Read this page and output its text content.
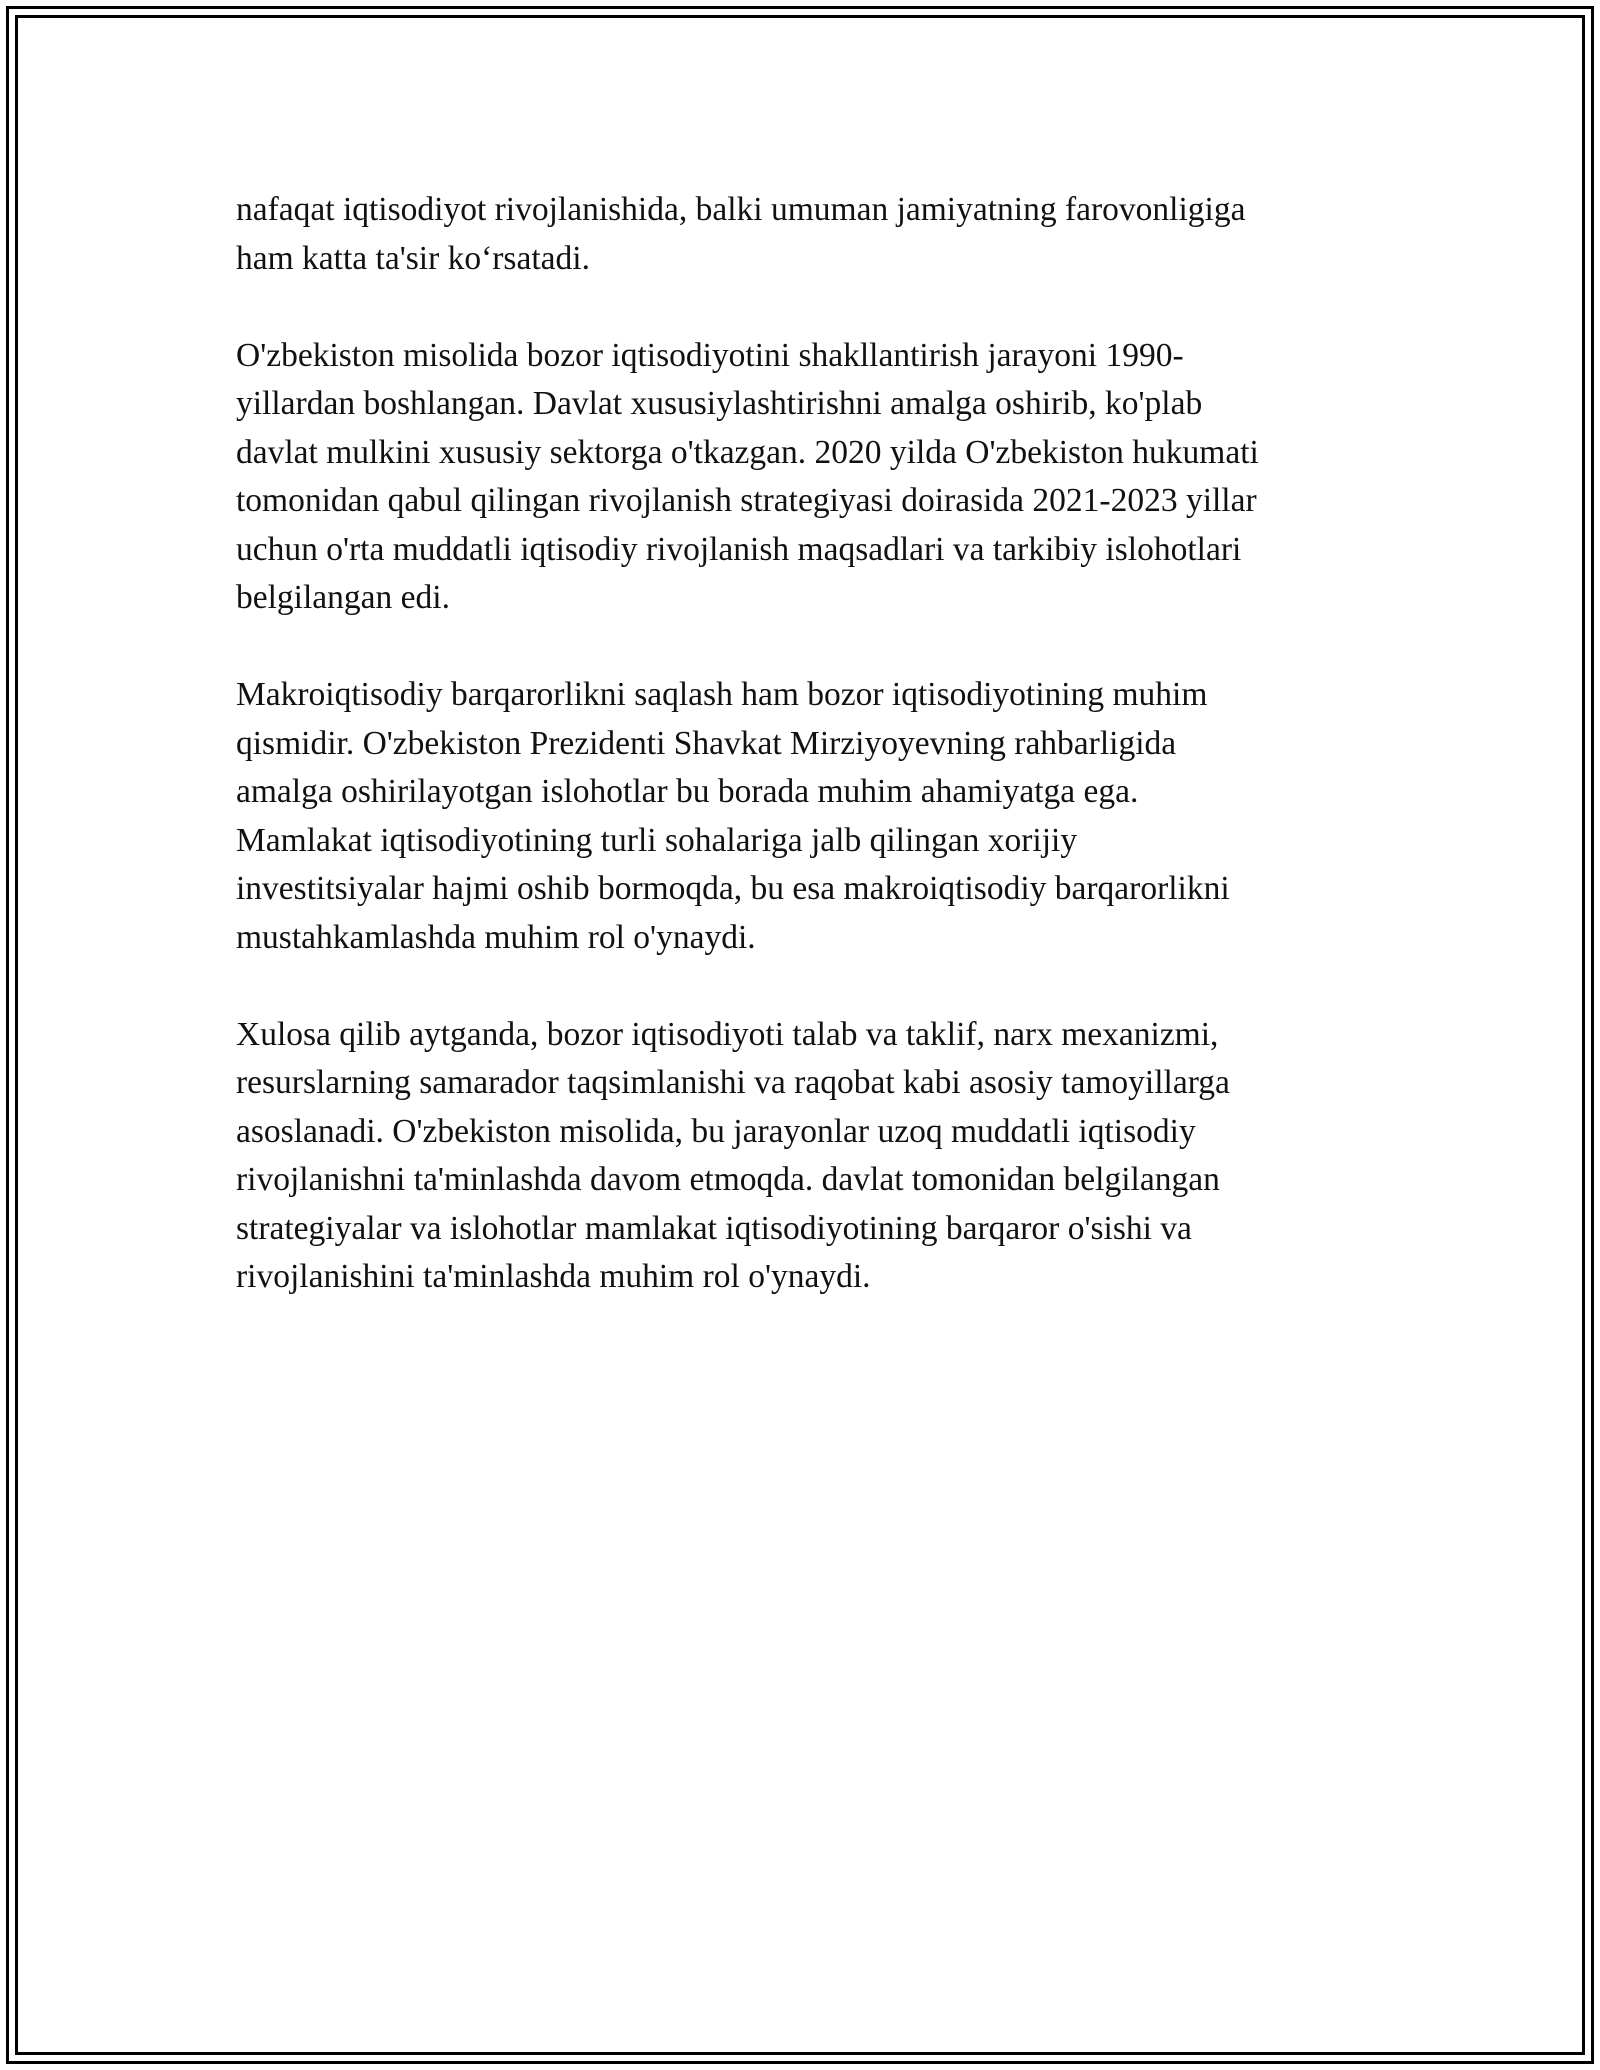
nafaqat iqtisodiyot rivojlanishida, balki umuman jamiyatning farovonligiga
ham katta ta'sir ko‘rsatadi.

O'zbekiston misolida bozor iqtisodiyotini shakllantirish jarayoni 1990-
yillardan boshlangan. Davlat xususiylashtirishni amalga oshirib, ko'plab
davlat mulkini xususiy sektorga o'tkazgan. 2020 yilda O'zbekiston hukumati
tomonidan qabul qilingan rivojlanish strategiyasi doirasida 2021-2023 yillar
uchun o'rta muddatli iqtisodiy rivojlanish maqsadlari va tarkibiy islohotlari
belgilangan edi.

Makroiqtisodiy barqarorlikni saqlash ham bozor iqtisodiyotining muhim
qismidir. O'zbekiston Prezidenti Shavkat Mirziyoyevning rahbarligida
amalga oshirilayotgan islohotlar bu borada muhim ahamiyatga ega.
Mamlakat iqtisodiyotining turli sohalariga jalb qilingan xorijiy
investitsiyalar hajmi oshib bormoqda, bu esa makroiqtisodiy barqarorlikni
mustahkamlashda muhim rol o'ynaydi.

Xulosa qilib aytganda, bozor iqtisodiyoti talab va taklif, narx mexanizmi,
resurslarning samarador taqsimlanishi va raqobat kabi asosiy tamoyillarga
asoslanadi. O'zbekiston misolida, bu jarayonlar uzoq muddatli iqtisodiy
rivojlanishni ta'minlashda davom etmoqda. davlat tomonidan belgilangan
strategiyalar va islohotlar mamlakat iqtisodiyotining barqaror o'sishi va
rivojlanishini ta'minlashda muhim rol o'ynaydi.
